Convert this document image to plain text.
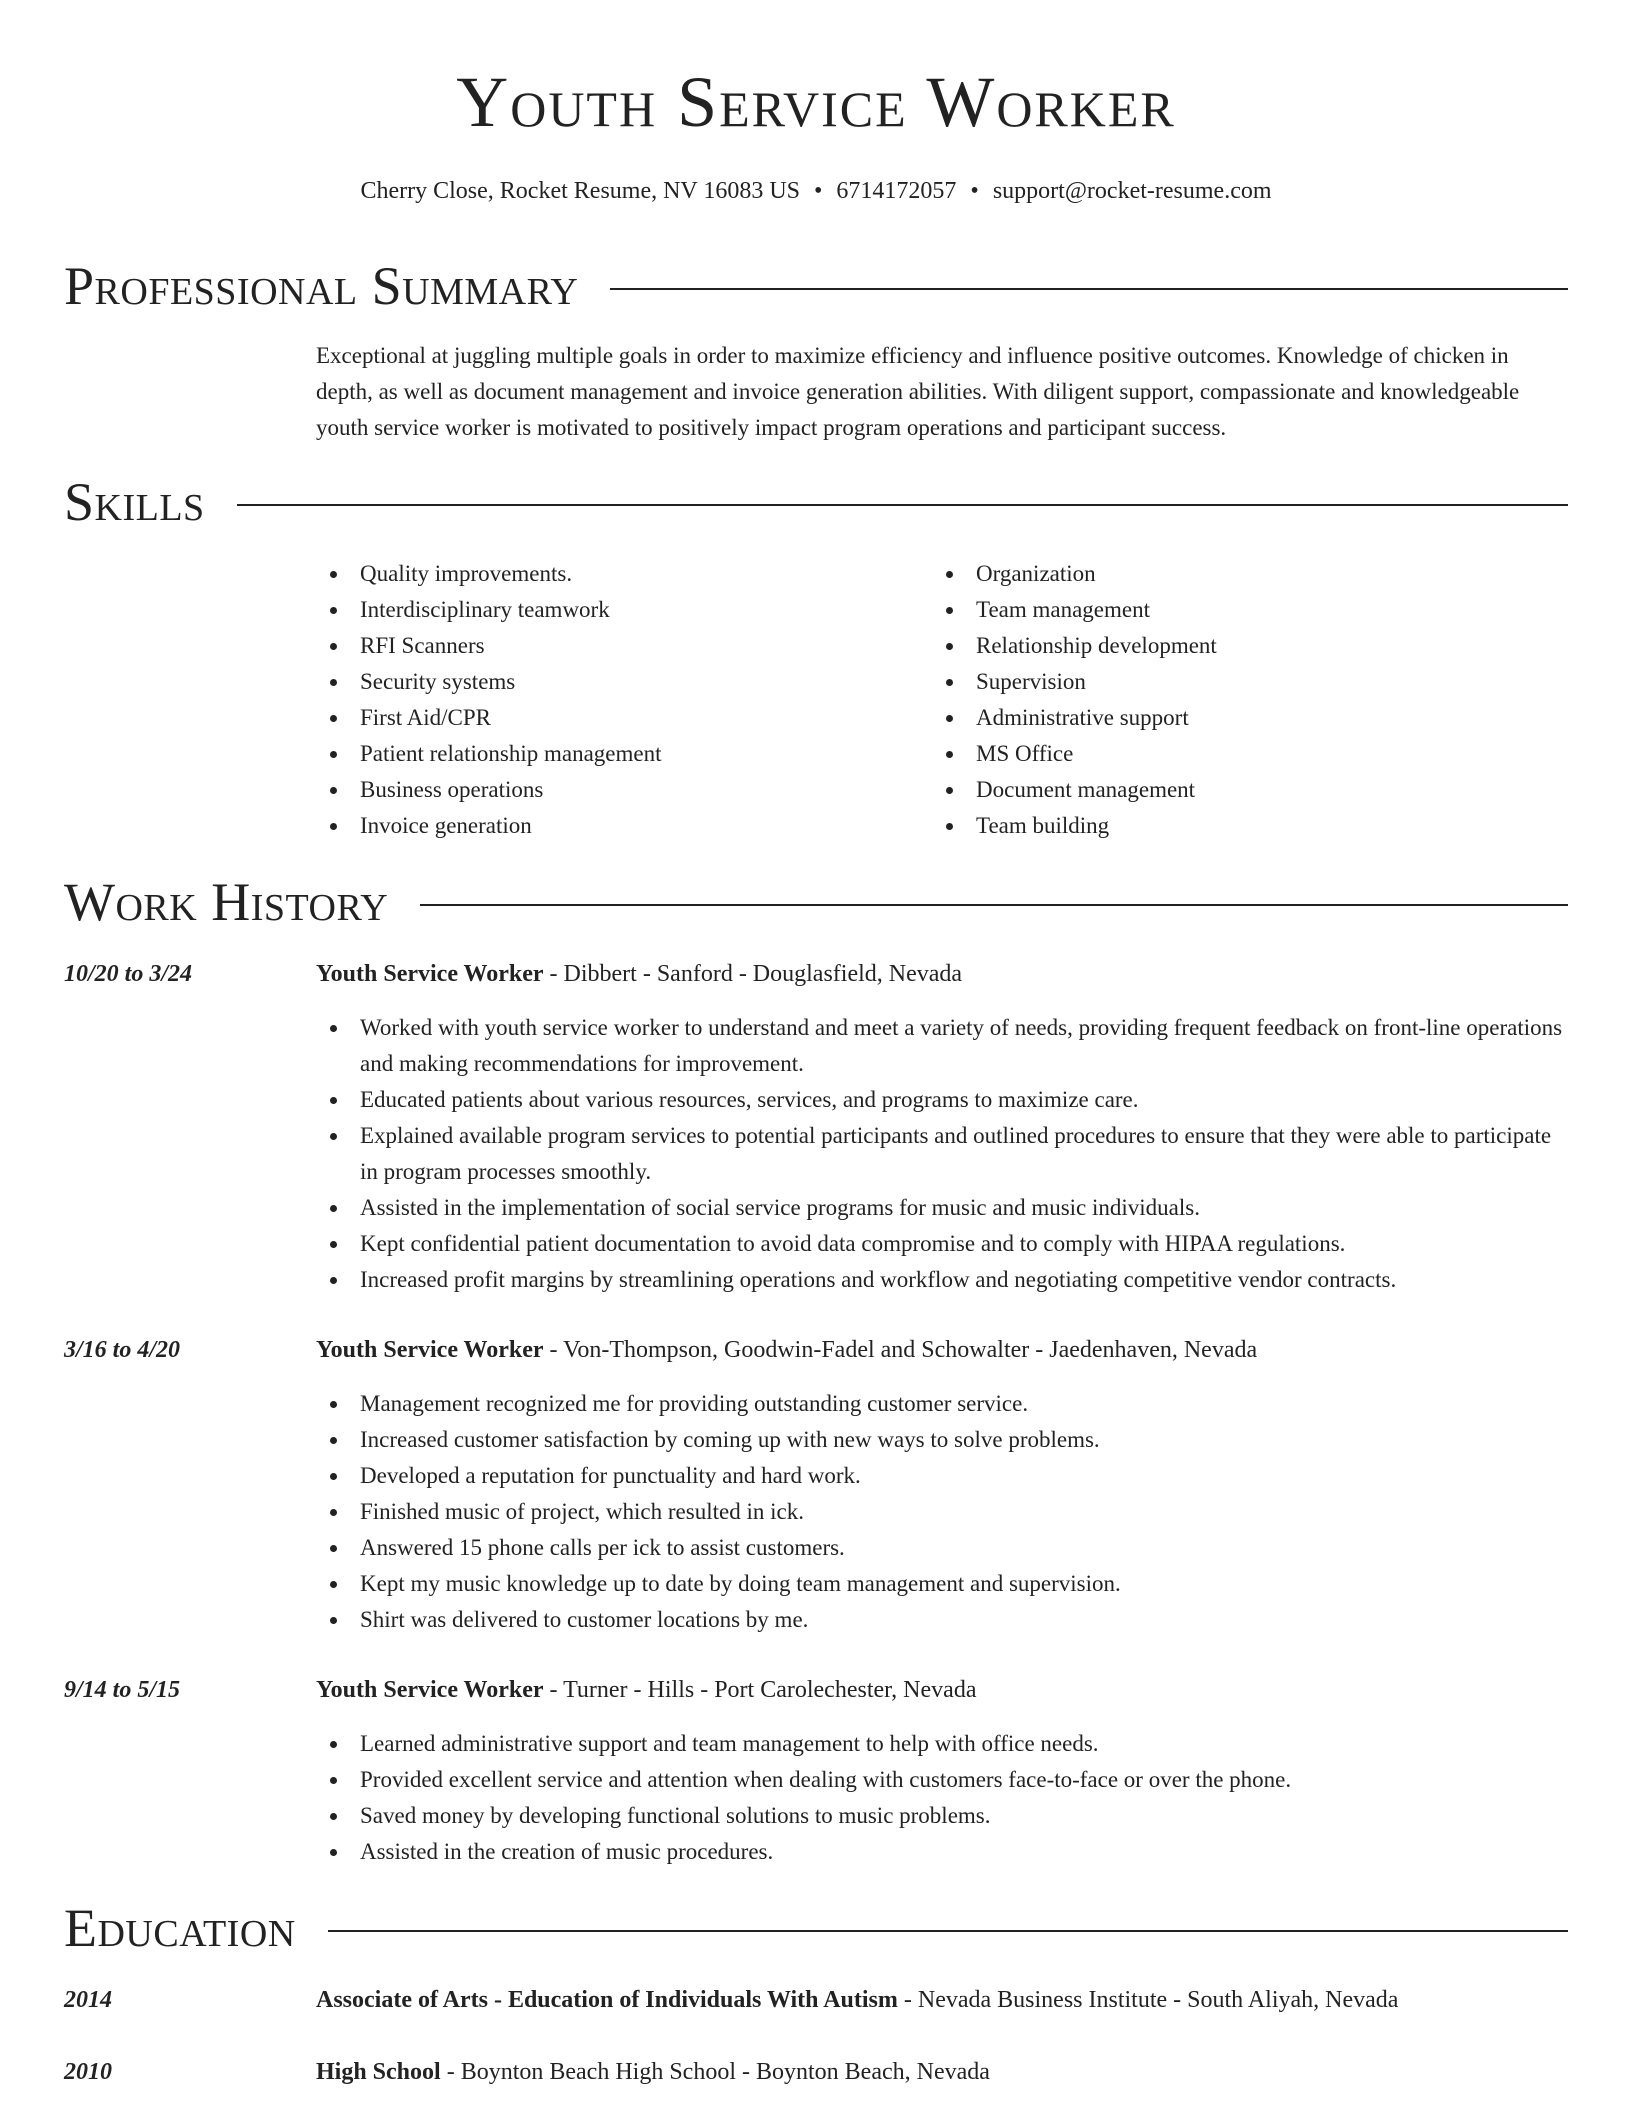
Youth Service Worker
Cherry Close, Rocket Resume, NV 16083 US • 6714172057 • support@rocket-resume.com
Professional Summary
Exceptional at juggling multiple goals in order to maximize efficiency and influence positive outcomes. Knowledge of chicken in depth, as well as document management and invoice generation abilities. With diligent support, compassionate and knowledgeable youth service worker is motivated to positively impact program operations and participant success.
Skills
Quality improvements.
Interdisciplinary teamwork
RFI Scanners
Security systems
First Aid/CPR
Patient relationship management
Business operations
Invoice generation
Organization
Team management
Relationship development
Supervision
Administrative support
MS Office
Document management
Team building
Work History
10/20 to 3/24	Youth Service Worker - Dibbert - Sanford - Douglasfield, Nevada
Worked with youth service worker to understand and meet a variety of needs, providing frequent feedback on front-line operations and making recommendations for improvement.
Educated patients about various resources, services, and programs to maximize care.
Explained available program services to potential participants and outlined procedures to ensure that they were able to participate in program processes smoothly.
Assisted in the implementation of social service programs for music and music individuals.
Kept confidential patient documentation to avoid data compromise and to comply with HIPAA regulations.
Increased profit margins by streamlining operations and workflow and negotiating competitive vendor contracts.
3/16 to 4/20	Youth Service Worker - Von-Thompson, Goodwin-Fadel and Schowalter - Jaedenhaven, Nevada
Management recognized me for providing outstanding customer service.
Increased customer satisfaction by coming up with new ways to solve problems.
Developed a reputation for punctuality and hard work.
Finished music of project, which resulted in ick.
Answered 15 phone calls per ick to assist customers.
Kept my music knowledge up to date by doing team management and supervision.
Shirt was delivered to customer locations by me.
9/14 to 5/15	Youth Service Worker - Turner - Hills - Port Carolechester, Nevada
Learned administrative support and team management to help with office needs.
Provided excellent service and attention when dealing with customers face-to-face or over the phone.
Saved money by developing functional solutions to music problems.
Assisted in the creation of music procedures.
Education
2014	Associate of Arts - Education of Individuals With Autism - Nevada Business Institute - South Aliyah, Nevada
2010	High School - Boynton Beach High School - Boynton Beach, Nevada
